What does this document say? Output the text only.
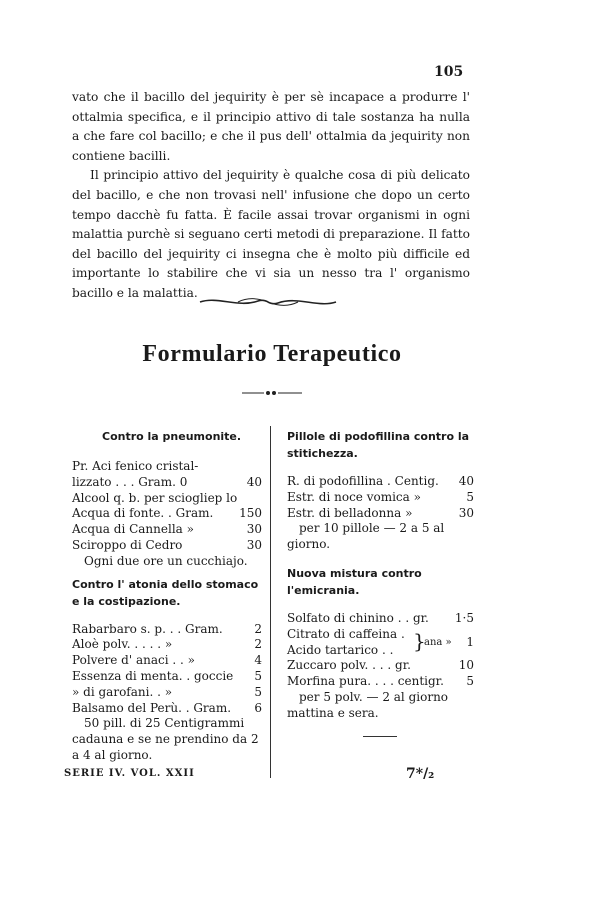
105

vato che il bacillo del jequirity è per sè incapace a produrre l' ottalmia specifica, e il principio attivo di tale sostanza ha nulla a che fare col bacillo; e che il pus dell' ottalmia da jequirity non contiene bacilli.

Il principio attivo del jequirity è qualche cosa di più delicato del bacillo, e che non trovasi nell' infusione che dopo un certo tempo dacchè fu fatta. È facile assai trovar organismi in ogni malattia purchè si seguano certi metodi di preparazione. Il fatto del bacillo del jequirity ci insegna che è molto più difficile ed importante lo stabilire che vi sia un nesso tra l' organismo bacillo e la malattia.

Formulario Terapeutico
Contro la pneumonite.
Pr. Aci fenico cristal-
lizzato . . . Gram. 0	40
Alcool q. b. per sciogliер lo
Acqua di fonte. . Gram. 150
Acqua di Cannella »	30
Sciroppo di Cedro	30
Ogni due ore un cucchiajo.
Contro l' atonia dello stomaco e la costipazione.
Rabarbaro s. p. . . Gram.	2
Aloè polv. . . . . »	2
Polvere d' anaci . . »	4
Essenza di menta. . goccie 5
» di garofani. . »	5
Balsamo del Perù. . Gram. 6
50 pill. di 25 Centigrammi cadauna e se ne prendino da 2 a 4 al giorno.
Pillole di podofillina contro la stitichezza.
R. di podofillina . Centig. 40
Estr. di noce vomica »	5
Estr. di belladonna »	30
per 10 pillole — 2 a 5 al giorno.
Nuova mistura contro l'emicrania.
Solfato di chinino . . gr. 1·5
Citrato di caffeina .
Acido tartarico . . }
ana » 1
Zuccaro polv. . . . gr.	10
Morfina pura. . . . centigr. 5
per 5 polv. — 2 al giorno mattina e sera.
SERIE IV. VOL. XXII	7*/₂
